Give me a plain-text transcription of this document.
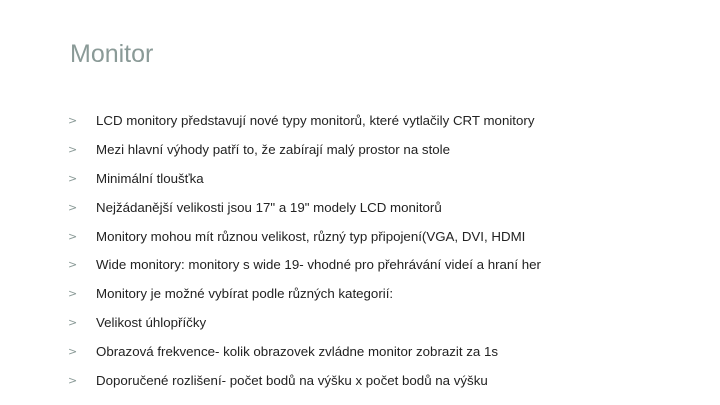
Monitor
> LCD monitory představují nové typy monitorů, které vytlačily CRT monitory
> Mezi hlavní výhody patří to, že zabírají malý prostor na stole
> Minimální tloušťka
> Nejžádanější velikosti jsou 17" a 19" modely LCD monitorů
> Monitory mohou mít různou velikost, různý typ připojení(VGA, DVI, HDMI
> Wide monitory: monitory s wide 19- vhodné pro přehrávání videí a hraní her
> Monitory je možné vybírat podle různých kategorií:
> Velikost úhlopříčky
> Obrazová frekvence- kolik obrazovek zvládne monitor zobrazit za 1s
> Doporučené rozlišení- počet bodů na výšku x počet bodů na výšku
